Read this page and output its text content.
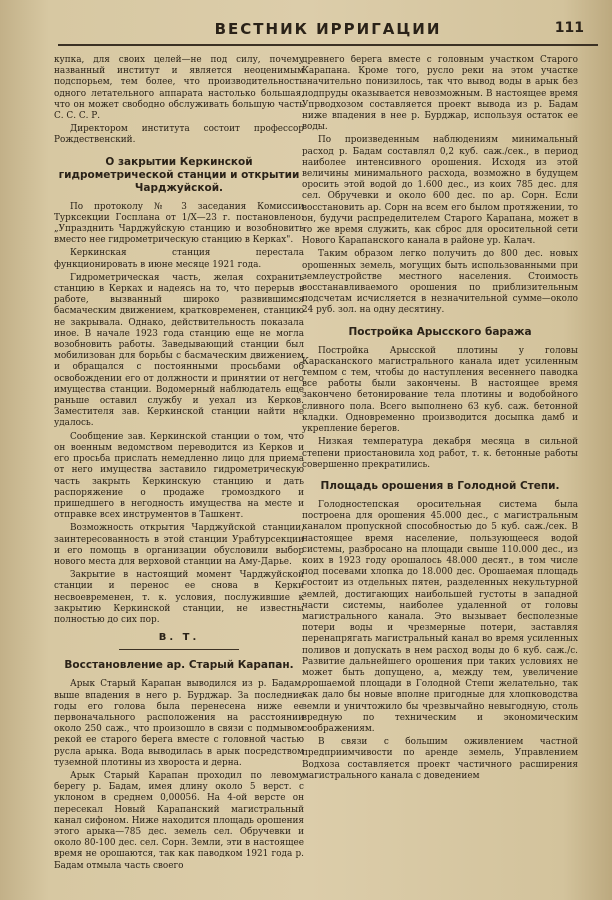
ВЕСТНИК ИРРИГАЦИИ	111

купка, для своих целей—не под силу, почему названный институт и является неоценимым подспорьем, тем более, что производительность одного летательного аппарата настолько большая, что он может свободно обслуживать большую часть С. С. С. Р.

Директором института состоит профессор Рождественский.

О закрытии Керкинской гидрометрической станции и открытии Чарджуйской.

По протоколу № 3 заседания Комиссии Турксекции Госплана от 1/Х—23 г. постановлено: „Упразднить Чарджуйскую станцию и возобновить вместо нее гидрометрическую станцию в Керках".

Керкинская станция перестала функционировать в июне месяце 1921 года.

Гидрометрическая часть, желая сохранить станцию в Керках и надеясь на то, что перерыв в работе, вызванный широко развившимся басмаческим движением, кратковременен, станцию не закрывала. Однако, действительность показала иное. В начале 1923 года станцию еще не могла возобновить работы. Заведывающий станции был мобилизован для борьбы с басмаческим движением и обращался с постоянными просьбами об освобождении его от должности и принятии от него имущества станции. Водомерный наблюдатель еще раньше оставил службу и уехал из Керков. Заместителя зав. Керкинской станции найти не удалось.

Сообщение зав. Керкинской станции о том, что он военным ведомством переводится из Керков и его просьба прислать немедленно лицо для приема от него имущества заставило гидрометрическую часть закрыть Керкинскую станцию и дать распоряжение о продаже громоздкого и пришедшего в негодность имущества на месте и отправке всех инструментов в Ташкент.

Возможность открытия Чарджуйской станции, заинтересованность в этой станции Урабтурсекции и его помощь в организации обусловили выбор нового места для верховой станции на Аму-Дарье.

Закрытие в настоящий момент Чарджуйской станции и перенос ее снова в Керки несвоевременен, т. к. условия, послужившие к закрытию Керкинской станции, не известны полностью до сих пор.

В. Т.
Восстановление ар. Старый Карапан.

Арык Старый Карапан выводился из р. Бадам, выше впадения в него р. Бурджар. За последние годы его голова была перенесена ниже ее первоначального расположения на расстоянии около 250 саж., что произошло в связи с подмывом рекой ее старого берега вместе с головной частью русла арыка. Вода выводилась в арык посредством туземной плотины из хвороста и дерна.

Арык Старый Карапан проходил по левому берегу р. Бадам, имея длину около 5 верст. с уклоном в среднем 0,00056. На 4-ой версте он пересекал Новый Карапанский магистральный канал сифоном. Ниже находится площадь орошения этого арыка—785 дес. земель сел. Обручевки и около 80-100 дес. сел. Сорн. Земли, эти в настоящее время не орошаются, так как паводком 1921 года р. Бадам отмыла часть своего

древнего берега вместе с головным участком Старого Карапана. Кроме того, русло реки на этом участке значительно понизилось, так что вывод воды в арык без подпруды оказывается невозможным. В настоящее время Упрводхозом составляется проект вывода из р. Бадам ниже впадения в нее р. Бурджар, используя остаток ее воды.

По произведенным наблюдениям минимальный расход р. Бадам составлял 0,2 куб. саж./сек., в период наиболее интенсивного орошения. Исходя из этой величины минимального расхода, возможно в будущем оросить этой водой до 1.600 дес., из коих 785 дес. для сел. Обручевки и около 600 дес. по ар. Сорн. Если восстановить ар. Сорн на всем его былом протяжении, то он, будучи распределителем Старого Карапана, может в то же время служить, как сброс для оросительной сети Нового Карапанского канала в районе ур. Калач.

Таким образом легко получить до 800 дес. новых орошенных земель, могущих быть использованными при землеустройстве местного населения. Стоимость восстанавливаемого орошения по приблизительным подсчетам исчисляется в незначительной сумме—около 24 руб. зол. на одну десятину.

Постройка Арысского баража

Постройка Арысской плотины у головы Карасканского магистрального канала идет усиленным темпом с тем, чтобы до наступления весеннего паводка все работы были закончены. В настоящее время закончено бетонирование тела плотины и водобойного сливного пола. Всего выполнено 63 куб. саж. бетонной кладки. Одновременно производится досыпка дамб и укрепление берегов.

Низкая температура декабря месяца в сильной степени приостановила ход работ, т. к. бетонные работы совершенно прекратились.

Площадь орошения в Голодной Степи.

Голодностепская оросительная система была построена для орошения 45.000 дес., с магистральным каналом пропускной способностью до 5 куб. саж./сек. В настоящее время население, пользующееся водой системы, разбросано на площади свыше 110.000 дес., из коих в 1923 году орошалось 48.000 десят., в том числе под посевами хлопка до 18.000 дес. Орошаемая площадь состоит из отдельных пятен, разделенных некультурной землей, достигающих наибольшей густоты в западной части системы, наиболее удаленной от головы магистрального канала. Это вызывает бесполезные потери воды и чрезмерные потери, заставляя перенапрягать магистральный канал во время усиленных поливов и допускать в нем расход воды до 6 куб. саж./с. Развитие дальнейшего орошения при таких условиях не может быть допущено, а, между тем, увеличение орошаемой площади в Голодной Степи желательно, так как дало бы новые вполне пригодные для хлопководства земли и уничтожило бы чрезвычайно невыгодную, столь вредную по техническим и экономическим соображениям.

В связи с большим оживлением частной предприимчивости по аренде земель, Управлением Водхоза составляется проект частичного расширения магистрального канала с доведением
